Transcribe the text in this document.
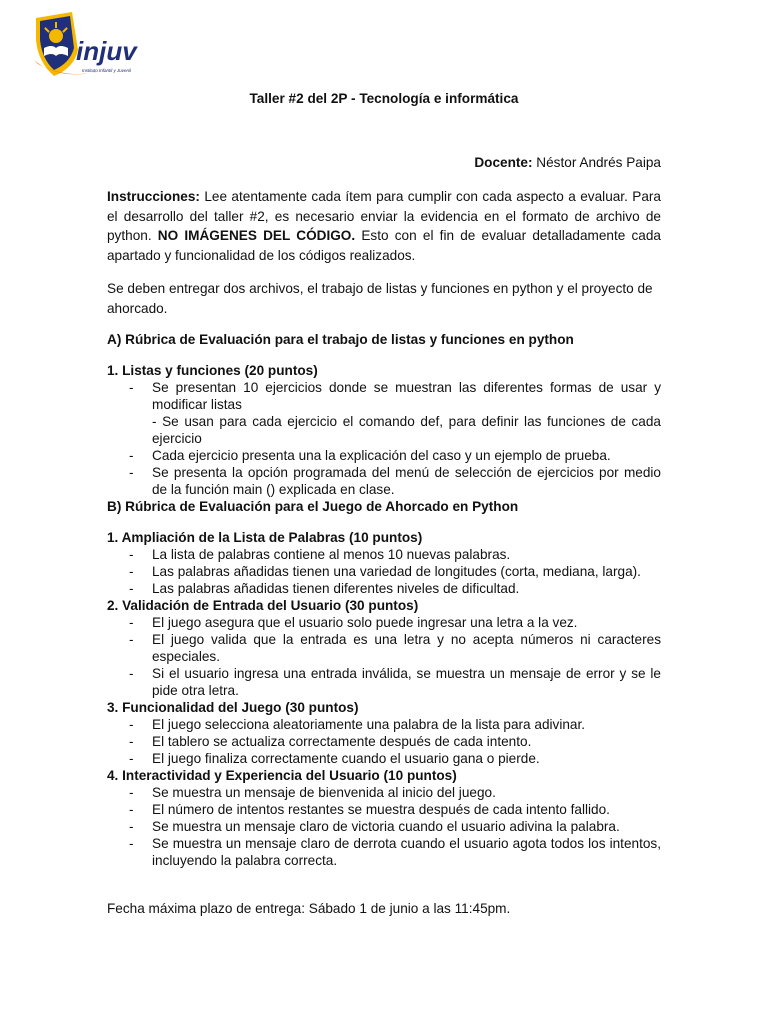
injuv
Instituto Infantil y Juvenil
Taller #2 del 2P - Tecnología e informática
Docente: Néstor Andrés Paipa
Instrucciones: Lee atentamente cada ítem para cumplir con cada aspecto a evaluar. Para el desarrollo del taller #2, es necesario enviar la evidencia en el formato de archivo de python. NO IMÁGENES DEL CÓDIGO. Esto con el fin de evaluar detalladamente cada apartado y funcionalidad de los códigos realizados.
Se deben entregar dos archivos, el trabajo de listas y funciones en python y el proyecto de ahorcado.
A) Rúbrica de Evaluación para el trabajo de listas y funciones en python
1. Listas y funciones (20 puntos)
- Se presentan 10 ejercicios donde se muestran las diferentes formas de usar y modificar listas
- Se usan para cada ejercicio el comando def, para definir las funciones de cada ejercicio
- Cada ejercicio presenta una la explicación del caso y un ejemplo de prueba.
- Se presenta la opción programada del menú de selección de ejercicios por medio de la función main () explicada en clase.
B) Rúbrica de Evaluación para el Juego de Ahorcado en Python
1. Ampliación de la Lista de Palabras (10 puntos)
- La lista de palabras contiene al menos 10 nuevas palabras.
- Las palabras añadidas tienen una variedad de longitudes (corta, mediana, larga).
- Las palabras añadidas tienen diferentes niveles de dificultad.
2. Validación de Entrada del Usuario (30 puntos)
- El juego asegura que el usuario solo puede ingresar una letra a la vez.
- El juego valida que la entrada es una letra y no acepta números ni caracteres especiales.
- Si el usuario ingresa una entrada inválida, se muestra un mensaje de error y se le pide otra letra.
3. Funcionalidad del Juego (30 puntos)
- El juego selecciona aleatoriamente una palabra de la lista para adivinar.
- El tablero se actualiza correctamente después de cada intento.
- El juego finaliza correctamente cuando el usuario gana o pierde.
4. Interactividad y Experiencia del Usuario (10 puntos)
- Se muestra un mensaje de bienvenida al inicio del juego.
- El número de intentos restantes se muestra después de cada intento fallido.
- Se muestra un mensaje claro de victoria cuando el usuario adivina la palabra.
- Se muestra un mensaje claro de derrota cuando el usuario agota todos los intentos, incluyendo la palabra correcta.
Fecha máxima plazo de entrega: Sábado 1 de junio a las 11:45pm.
